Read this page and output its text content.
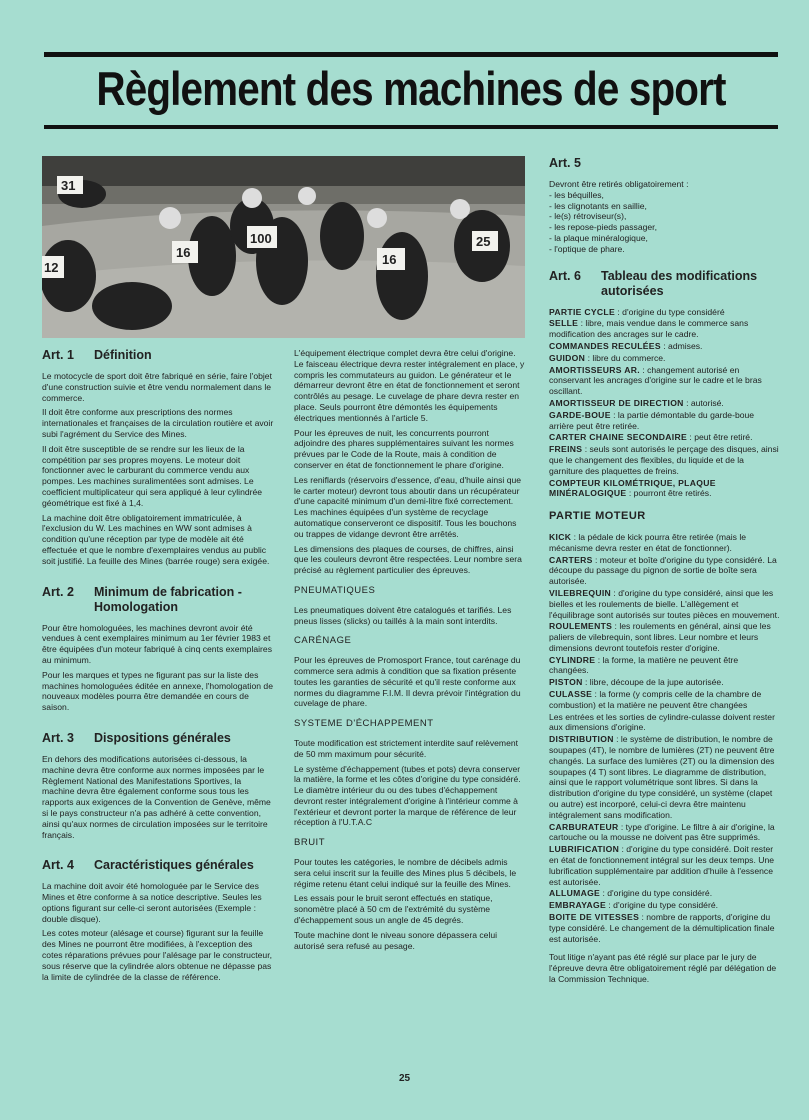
Règlement des machines de sport
31
100
16	16
25
12
Art. 1 Définition

Le motocycle de sport doit être fabriqué en série, faire l'objet d'une construction suivie et être vendu normalement dans le commerce.

Il doit être conforme aux prescriptions des normes internationales et françaises de la circulation routière et avoir subi l'agrément du Service des Mines.

Il doit être susceptible de se rendre sur les lieux de la compétition par ses propres moyens. Le moteur doit fonctionner avec le carburant du commerce vendu aux pompes. Les machines suralimentées sont admises. Le coefficient multiplicateur qui sera appliqué à leur cylindrée géométrique est fixé à 1,4.

La machine doit être obligatoirement immatriculée, à l'exclusion du W. Les machines en WW sont admises à condition qu'une réception par type de modèle ait été effectuée et que le nombre d'exemplaires vendus au public soit justifié. La feuille des Mines (barrée rouge) sera exigée.

Art. 2	Minimum de fabrication - Homologation

Pour être homologuées, les machines devront avoir été vendues à cent exemplaires minimum au 1er février 1983 et être équipées d'un moteur fabriqué à cinq cents exemplaires au minimum.

Pour les marques et types ne figurant pas sur la liste des machines homologuées éditée en annexe, l'homologation de nouveaux modèles pourra être demandée en cours de saison.

Art. 3 Dispositions générales

En dehors des modifications autorisées ci-dessous, la machine devra être conforme aux normes imposées par le Règlement National des Manifestations Sportives, la machine devra être également conforme sous tous les rapports aux exigences de la Convention de Genève, même si le pays constructeur n'a pas adhéré à cette convention, ainsi qu'aux normes de circulation imposées sur le territoire français.

Art. 4 Caractéristiques générales

La machine doit avoir été homologuée par le Service des Mines et être conforme à sa notice descriptive. Seules les options figurant sur celle-ci seront autorisées (Exemple : double disque).

Les cotes moteur (alésage et course) figurant sur la feuille des Mines ne pourront être modifiées, à l'exception des cotes réparations prévues pour l'alésage par le constructeur, sous réserve que la cylindrée alors obtenue ne dépasse pas la limite de cylindrée de la classe de référence.

L'équipement électrique complet devra être celui d'origine. Le faisceau électrique devra rester intégralement en place, y compris les commutateurs au guidon. Le générateur et le démarreur devront être en état de fonctionnement et seront contrôlés au pesage. Le cuvelage de phare devra rester en place. Seuls pourront être démontés les équipements électriques mentionnés à l'article 5.

Pour les épreuves de nuit, les concurrents pourront adjoindre des phares supplémentaires suivant les normes prévues par le Code de la Route, mais à condition de conserver en état de fonctionnement le phare d'origine.

Les reniflards (réservoirs d'essence, d'eau, d'huile ainsi que le carter moteur) devront tous aboutir dans un récupérateur d'une capacité minimum d'un demi-litre fixé correctement. Les machines équipées d'un système de recyclage automatique conserveront ce dispositif. Tous les bouchons ou trappes de vidange devront être arrêtés.

Les dimensions des plaques de courses, de chiffres, ainsi que les couleurs devront être respectées. Leur nombre sera précisé au règlement particulier des épreuves.

PNEUMATIQUES

Les pneumatiques doivent être catalogués et tarifiés. Les pneus lisses (slicks) ou taillés à la main sont interdits.

CARÉNAGE

Pour les épreuves de Promosport France, tout carénage du commerce sera admis à condition que sa fixation présente toutes les garanties de sécurité et qu'il reste conforme aux normes du diagramme F.I.M. Il devra prévoir l'intégration du cuvelage de phare.

SYSTEME D'ÉCHAPPEMENT

Toute modification est strictement interdite sauf relèvement de 50 mm maximum pour sécurité.

Le système d'échappement (tubes et pots) devra conserver la matière, la forme et les côtes d'origine du type considéré. Le diamètre intérieur du ou des tubes d'échappement devront rester intégralement d'origine à l'intérieur comme à l'extérieur et devront porter la marque de référence de leur réception à l'U.T.A.C

BRUIT

Pour toutes les catégories, le nombre de décibels admis sera celui inscrit sur la feuille des Mines plus 5 décibels, le régime retenu étant celui indiqué sur la feuille des Mines.

Les essais pour le bruit seront effectués en statique, sonomètre placé à 50 cm de l'extrémité du système d'échappement sous un angle de 45 degrés.

Toute machine dont le niveau sonore dépassera celui autorisé sera refusé au pesage.

Art. 5

Devront être retirés obligatoirement :

- les béquilles,
- les clignotants en saillie,
- le(s) rétroviseur(s),
- les repose-pieds passager,
- la plaque minéralogique,
- l'optique de phare.
Art. 6	Tableau des modifications autorisées

PARTIE CYCLE : d'origine du type considéré

SELLE : libre, mais vendue dans le commerce sans modification des ancrages sur le cadre.

COMMANDES RECULÉES : admises.

GUIDON : libre du commerce.

AMORTISSEURS AR. : changement autorisé en conservant les ancrages d'origine sur le cadre et le bras oscillant.

AMORTISSEUR DE DIRECTION : autorisé.

GARDE-BOUE : la partie démontable du garde-boue arrière peut être retirée.

CARTER CHAINE SECONDAIRE : peut être retiré.

FREINS : seuls sont autorisés le perçage des disques, ainsi que le changement des flexibles, du liquide et de la garniture des plaquettes de freins.

COMPTEUR KILOMÉTRIQUE, PLAQUE MINÉRALOGIQUE : pourront être retirés.

PARTIE MOTEUR

KICK : la pédale de kick pourra être retirée (mais le mécanisme devra rester en état de fonctionner).

CARTERS : moteur et boîte d'origine du type considéré. La découpe du passage du pignon de sortie de boîte sera autorisée.

VILEBREQUIN : d'origine du type considéré, ainsi que les bielles et les roulements de bielle. L'allègement et l'équilibrage sont autorisés sur toutes pièces en mouvement.

ROULEMENTS : les roulements en général, ainsi que les paliers de vilebrequin, sont libres. Leur nombre et leurs dimensions devront toutefois rester d'origine.

CYLINDRE : la forme, la matière ne peuvent être changées.

PISTON : libre, découpe de la jupe autorisée.

CULASSE : la forme (y compris celle de la chambre de combustion) et la matière ne peuvent être changées

Les entrées et les sorties de cylindre-culasse doivent rester aux dimensions d'origine.

DISTRIBUTION : le système de distribution, le nombre de soupapes (4T), le nombre de lumières (2T) ne peuvent être changés. La surface des lumières (2T) ou la dimension des soupapes (4 T) sont libres. Le diagramme de distribution, ainsi que le rapport volumétrique sont libres. Si dans la distribution d'origine du type considéré, un système (clapet ou autre) est incorporé, celui-ci devra être maintenu intégralement sans modification.

CARBURATEUR : type d'origine. Le filtre à air d'origine, la cartouche ou la mousse ne doivent pas être supprimés.

LUBRIFICATION : d'origine du type considéré. Doit rester en état de fonctionnement intégral sur les deux temps. Une lubrification supplémentaire par addition d'huile à l'essence est autorisée.

ALLUMAGE : d'origine du type considéré.

EMBRAYAGE : d'origine du type considéré.

BOITE DE VITESSES : nombre de rapports, d'origine du type considéré. Le changement de la démultiplication finale est autorisée.

Tout litige n'ayant pas été réglé sur place par le jury de l'épreuve devra être obligatoirement réglé par délégation de la Commission Technique.

25
